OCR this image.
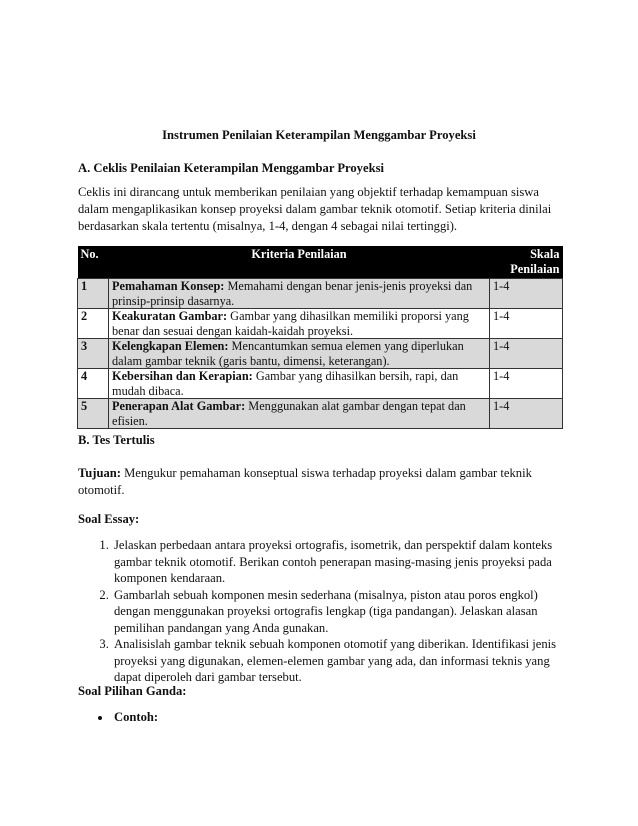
Instrumen Penilaian Keterampilan Menggambar Proyeksi
A. Ceklis Penilaian Keterampilan Menggambar Proyeksi
Ceklis ini dirancang untuk memberikan penilaian yang objektif terhadap kemampuan siswa dalam mengaplikasikan konsep proyeksi dalam gambar teknik otomotif. Setiap kriteria dinilai berdasarkan skala tertentu (misalnya, 1-4, dengan 4 sebagai nilai tertinggi).
No.	Kriteria Penilaian	Skala Penilaian
1	Pemahaman Konsep: Memahami dengan benar jenis-jenis proyeksi dan prinsip-prinsip dasarnya.	1-4
2	Keakuratan Gambar: Gambar yang dihasilkan memiliki proporsi yang benar dan sesuai dengan kaidah-kaidah proyeksi.	1-4
3	Kelengkapan Elemen: Mencantumkan semua elemen yang diperlukan dalam gambar teknik (garis bantu, dimensi, keterangan).	1-4
4	Kebersihan dan Kerapian: Gambar yang dihasilkan bersih, rapi, dan mudah dibaca.	1-4
5	Penerapan Alat Gambar: Menggunakan alat gambar dengan tepat dan efisien.	1-4
B. Tes Tertulis
Tujuan: Mengukur pemahaman konseptual siswa terhadap proyeksi dalam gambar teknik otomotif.
Soal Essay:
1. Jelaskan perbedaan antara proyeksi ortografis, isometrik, dan perspektif dalam konteks gambar teknik otomotif. Berikan contoh penerapan masing-masing jenis proyeksi pada komponen kendaraan.
2. Gambarlah sebuah komponen mesin sederhana (misalnya, piston atau poros engkol) dengan menggunakan proyeksi ortografis lengkap (tiga pandangan). Jelaskan alasan pemilihan pandangan yang Anda gunakan.
3. Analisislah gambar teknik sebuah komponen otomotif yang diberikan. Identifikasi jenis proyeksi yang digunakan, elemen-elemen gambar yang ada, dan informasi teknis yang dapat diperoleh dari gambar tersebut.
Soal Pilihan Ganda:
• Contoh:
